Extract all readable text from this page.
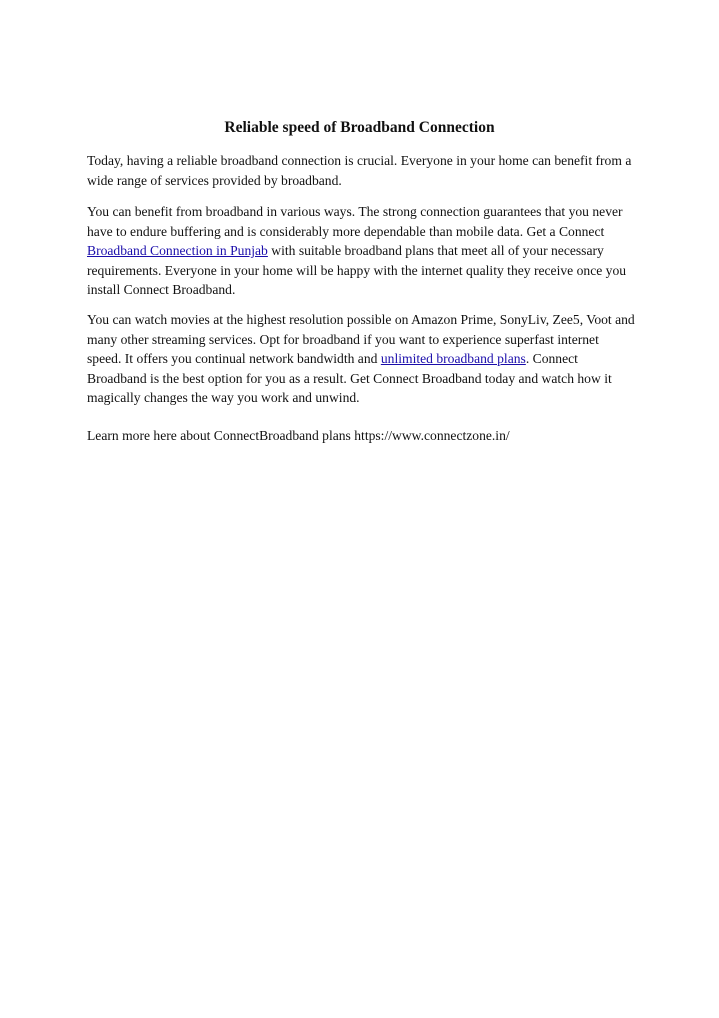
Reliable speed of Broadband Connection

Today, having a reliable broadband connection is crucial. Everyone in your home can benefit from a wide range of services provided by broadband.

You can benefit from broadband in various ways. The strong connection guarantees that you never have to endure buffering and is considerably more dependable than mobile data. Get a Connect Broadband Connection in Punjab with suitable broadband plans that meet all of your necessary requirements. Everyone in your home will be happy with the internet quality they receive once you install Connect Broadband.

You can watch movies at the highest resolution possible on Amazon Prime, SonyLiv, Zee5, Voot and many other streaming services. Opt for broadband if you want to experience superfast internet speed. It offers you continual network bandwidth and unlimited broadband plans. Connect Broadband is the best option for you as a result. Get Connect Broadband today and watch how it magically changes the way you work and unwind.

Learn more here about ConnectBroadband plans https://www.connectzone.in/
